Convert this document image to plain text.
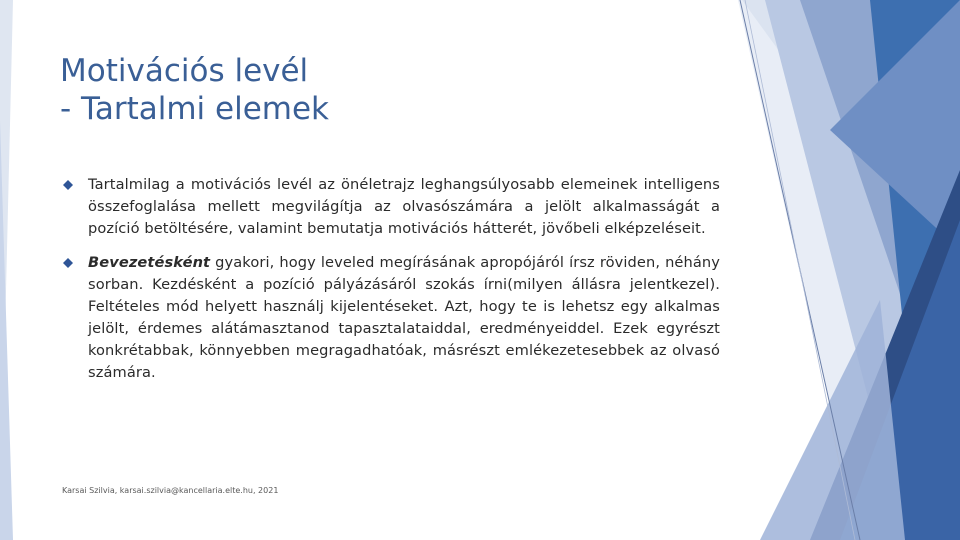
Motivációs levél
- Tartalmi elemek
Tartalmilag a motivációs levél az önéletrajz leghangsúlyosabb elemeinek intelligens összefoglalása mellett megvilágítja az olvasószámára a jelölt alkalmasságát a pozíció betöltésére, valamint bemutatja motivációs hátterét, jövőbeli elképzeléseit.
Bevezetésként gyakori, hogy leveled megírásának apropójáról írsz röviden, néhány sorban. Kezdésként a pozíció pályázásáról szokás írni(milyen állásra jelentkezel). Feltételes mód helyett használj kijelentéseket. Azt, hogy te is lehetsz egy alkalmas jelölt, érdemes alátámasztanod tapasztalataiddal, eredményeiddel. Ezek egyrészt konkrétabbak, könnyebben megragadhatóak, másrészt emlékezetesebbek az olvasó számára.
Karsai Szilvia, karsai.szilvia@kancellaria.elte.hu, 2021
